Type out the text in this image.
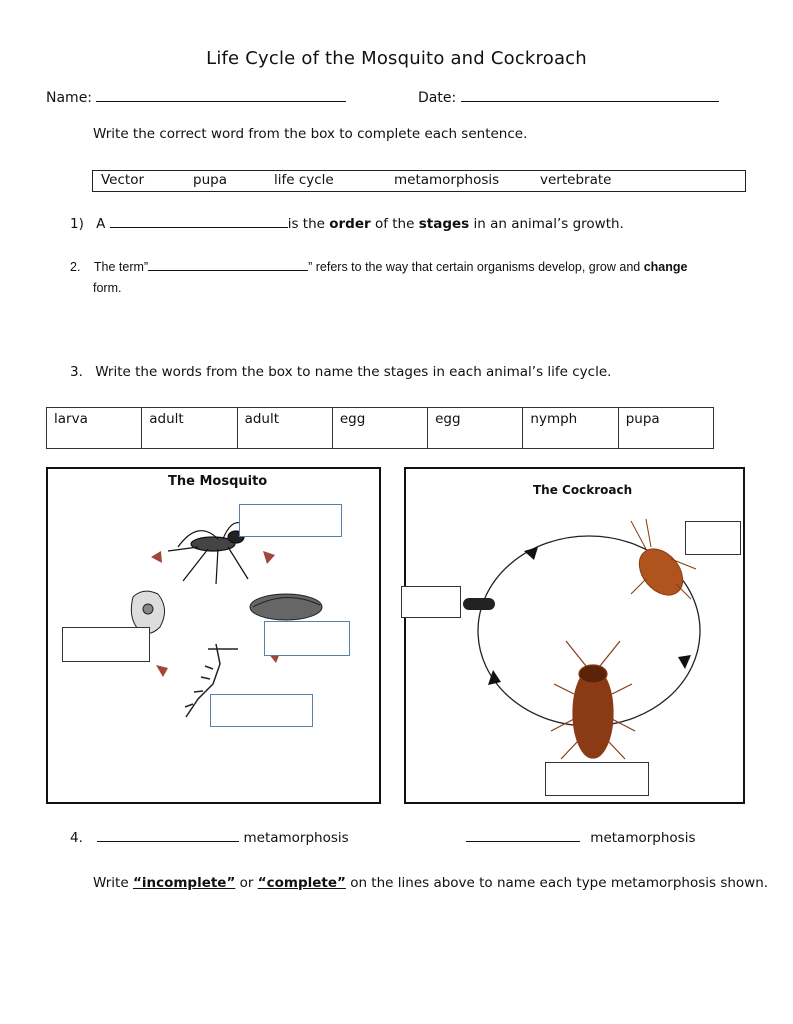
Life Cycle of the Mosquito and Cockroach
Name:	Date:
Write the correct word from the box to complete each sentence.
Vector	pupa	life cycle	metamorphosis	vertebrate
1) A	is the order of the stages in an animal’s growth.
2. The term”	” refers to the way that certain organisms develop, grow and change
form.
3. Write the words from the box to name the stages in each animal’s life cycle.
larva	adult	adult	egg	egg	nymph	pupa
The Mosquito
The Cockroach
4.	metamorphosis	metamorphosis
Write “incomplete” or “complete” on the lines above to name each type metamorphosis shown.
